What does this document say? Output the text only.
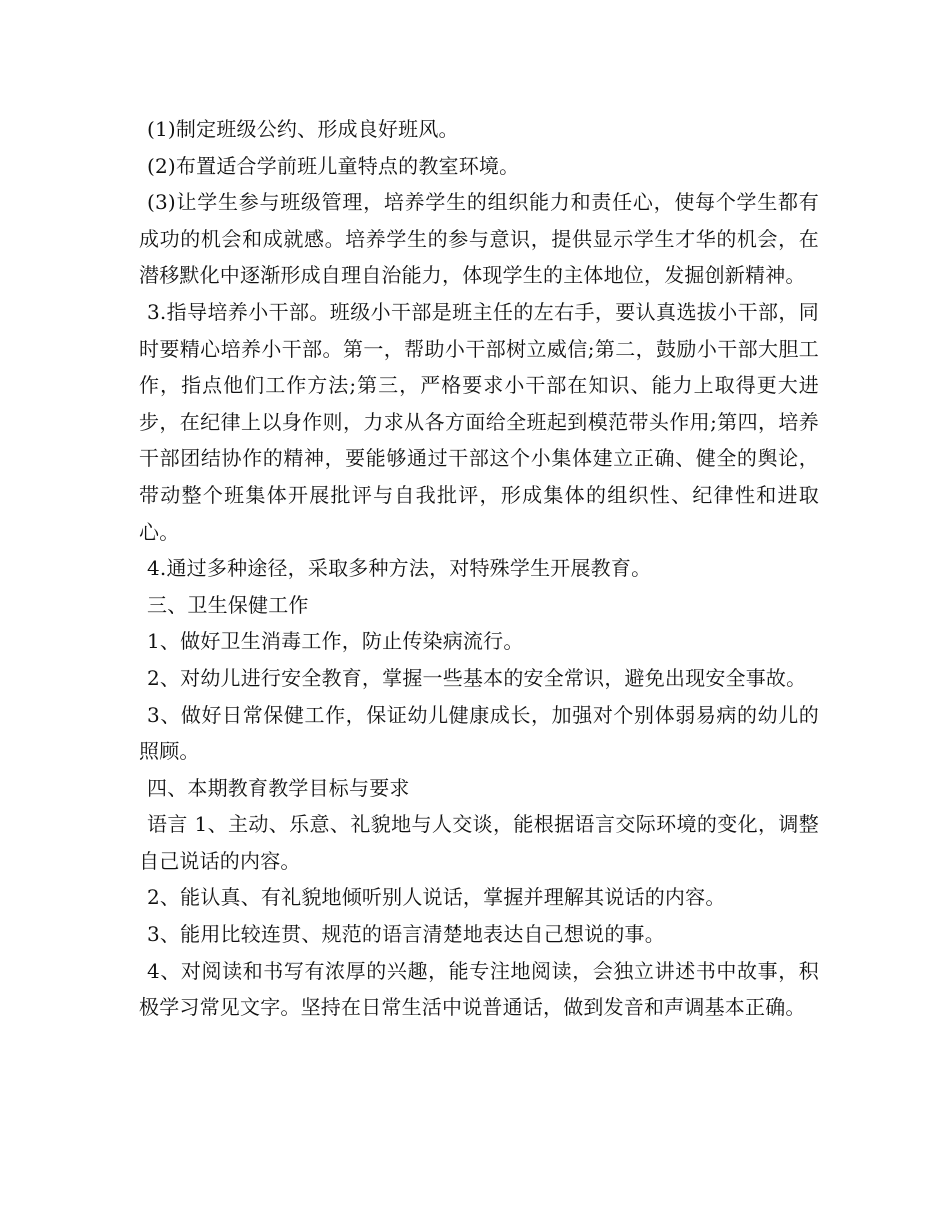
(1)制定班级公约、形成良好班风。

(2)布置适合学前班儿童特点的教室环境。

(3)让学生参与班级管理，培养学生的组织能力和责任心，使每个学生都有成功的机会和成就感。培养学生的参与意识，提供显示学生才华的机会，在潜移默化中逐渐形成自理自治能力，体现学生的主体地位，发掘创新精神。

3.指导培养小干部。班级小干部是班主任的左右手，要认真选拔小干部，同时要精心培养小干部。第一，帮助小干部树立威信;第二，鼓励小干部大胆工作，指点他们工作方法;第三，严格要求小干部在知识、能力上取得更大进步，在纪律上以身作则，力求从各方面给全班起到模范带头作用;第四，培养干部团结协作的精神，要能够通过干部这个小集体建立正确、健全的舆论，带动整个班集体开展批评与自我批评，形成集体的组织性、纪律性和进取心。

4.通过多种途径，采取多种方法，对特殊学生开展教育。

三、卫生保健工作

1、做好卫生消毒工作，防止传染病流行。

2、对幼儿进行安全教育，掌握一些基本的安全常识，避免出现安全事故。

3、做好日常保健工作，保证幼儿健康成长，加强对个别体弱易病的幼儿的照顾。

四、本期教育教学目标与要求

语言 1、主动、乐意、礼貌地与人交谈，能根据语言交际环境的变化，调整自己说话的内容。

2、能认真、有礼貌地倾听别人说话，掌握并理解其说话的内容。

3、能用比较连贯、规范的语言清楚地表达自己想说的事。

4、对阅读和书写有浓厚的兴趣，能专注地阅读，会独立讲述书中故事，积极学习常见文字。坚持在日常生活中说普通话，做到发音和声调基本正确。
